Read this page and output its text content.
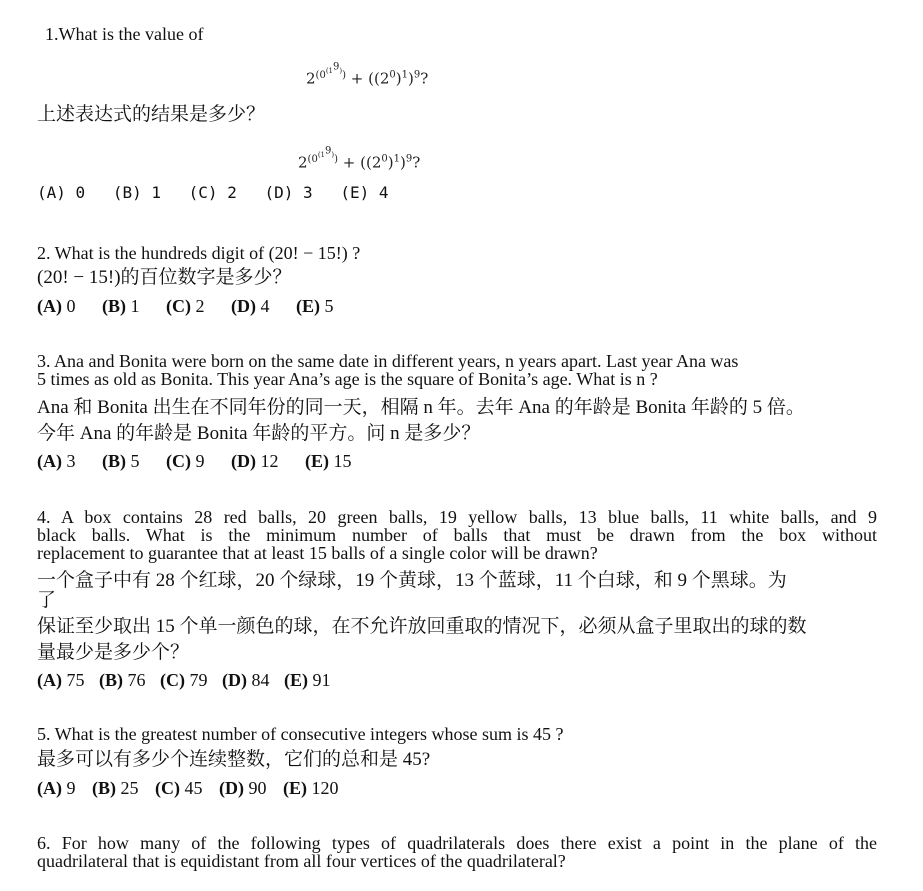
1.What is the value of
$2^{(0^{(1^9)})} + ((2^0)^1)^9$?
上述表达式的结果是多少？
$2^{(0^{(1^9)})} + ((2^0)^1)^9$?
(A) 0 (B) 1 (C) 2 (D) 3 (E) 4
2. What is the hundreds digit of (20! − 15!) ?
(20! − 15!)的百位数字是多少？
(A) 0 (B) 1 (C) 2 (D) 4 (E) 5
3. Ana and Bonita were born on the same date in different years, n years apart. Last year Ana was
5 times as old as Bonita. This year Ana’s age is the square of Bonita’s age. What is n ?
Ana 和 Bonita 出生在不同年份的同一天，相隔 n 年。去年 Ana 的年龄是 Bonita 年龄的 5 倍。
今年 Ana 的年龄是 Bonita 年龄的平方。问 n 是多少？
(A) 3 (B) 5 (C) 9 (D) 12 (E) 15
4. A box contains 28 red balls, 20 green balls, 19 yellow balls, 13 blue balls, 11 white balls, and 9
black balls. What is the minimum number of balls that must be drawn from the box without
replacement to guarantee that at least 15 balls of a single color will be drawn?
一个盒子中有 28 个红球，20 个绿球，19 个黄球，13 个蓝球，11 个白球，和 9 个黑球。为
了
保证至少取出 15 个单一颜色的球，在不允许放回重取的情况下，必须从盒子里取出的球的数
量最少是多少个？
(A) 75 (B) 76 (C) 79 (D) 84 (E) 91
5. What is the greatest number of consecutive integers whose sum is 45 ?
最多可以有多少个连续整数，它们的总和是 45?
(A) 9 (B) 25 (C) 45 (D) 90 (E) 120
6. For how many of the following types of quadrilaterals does there exist a point in the plane of the
quadrilateral that is equidistant from all four vertices of the quadrilateral?
